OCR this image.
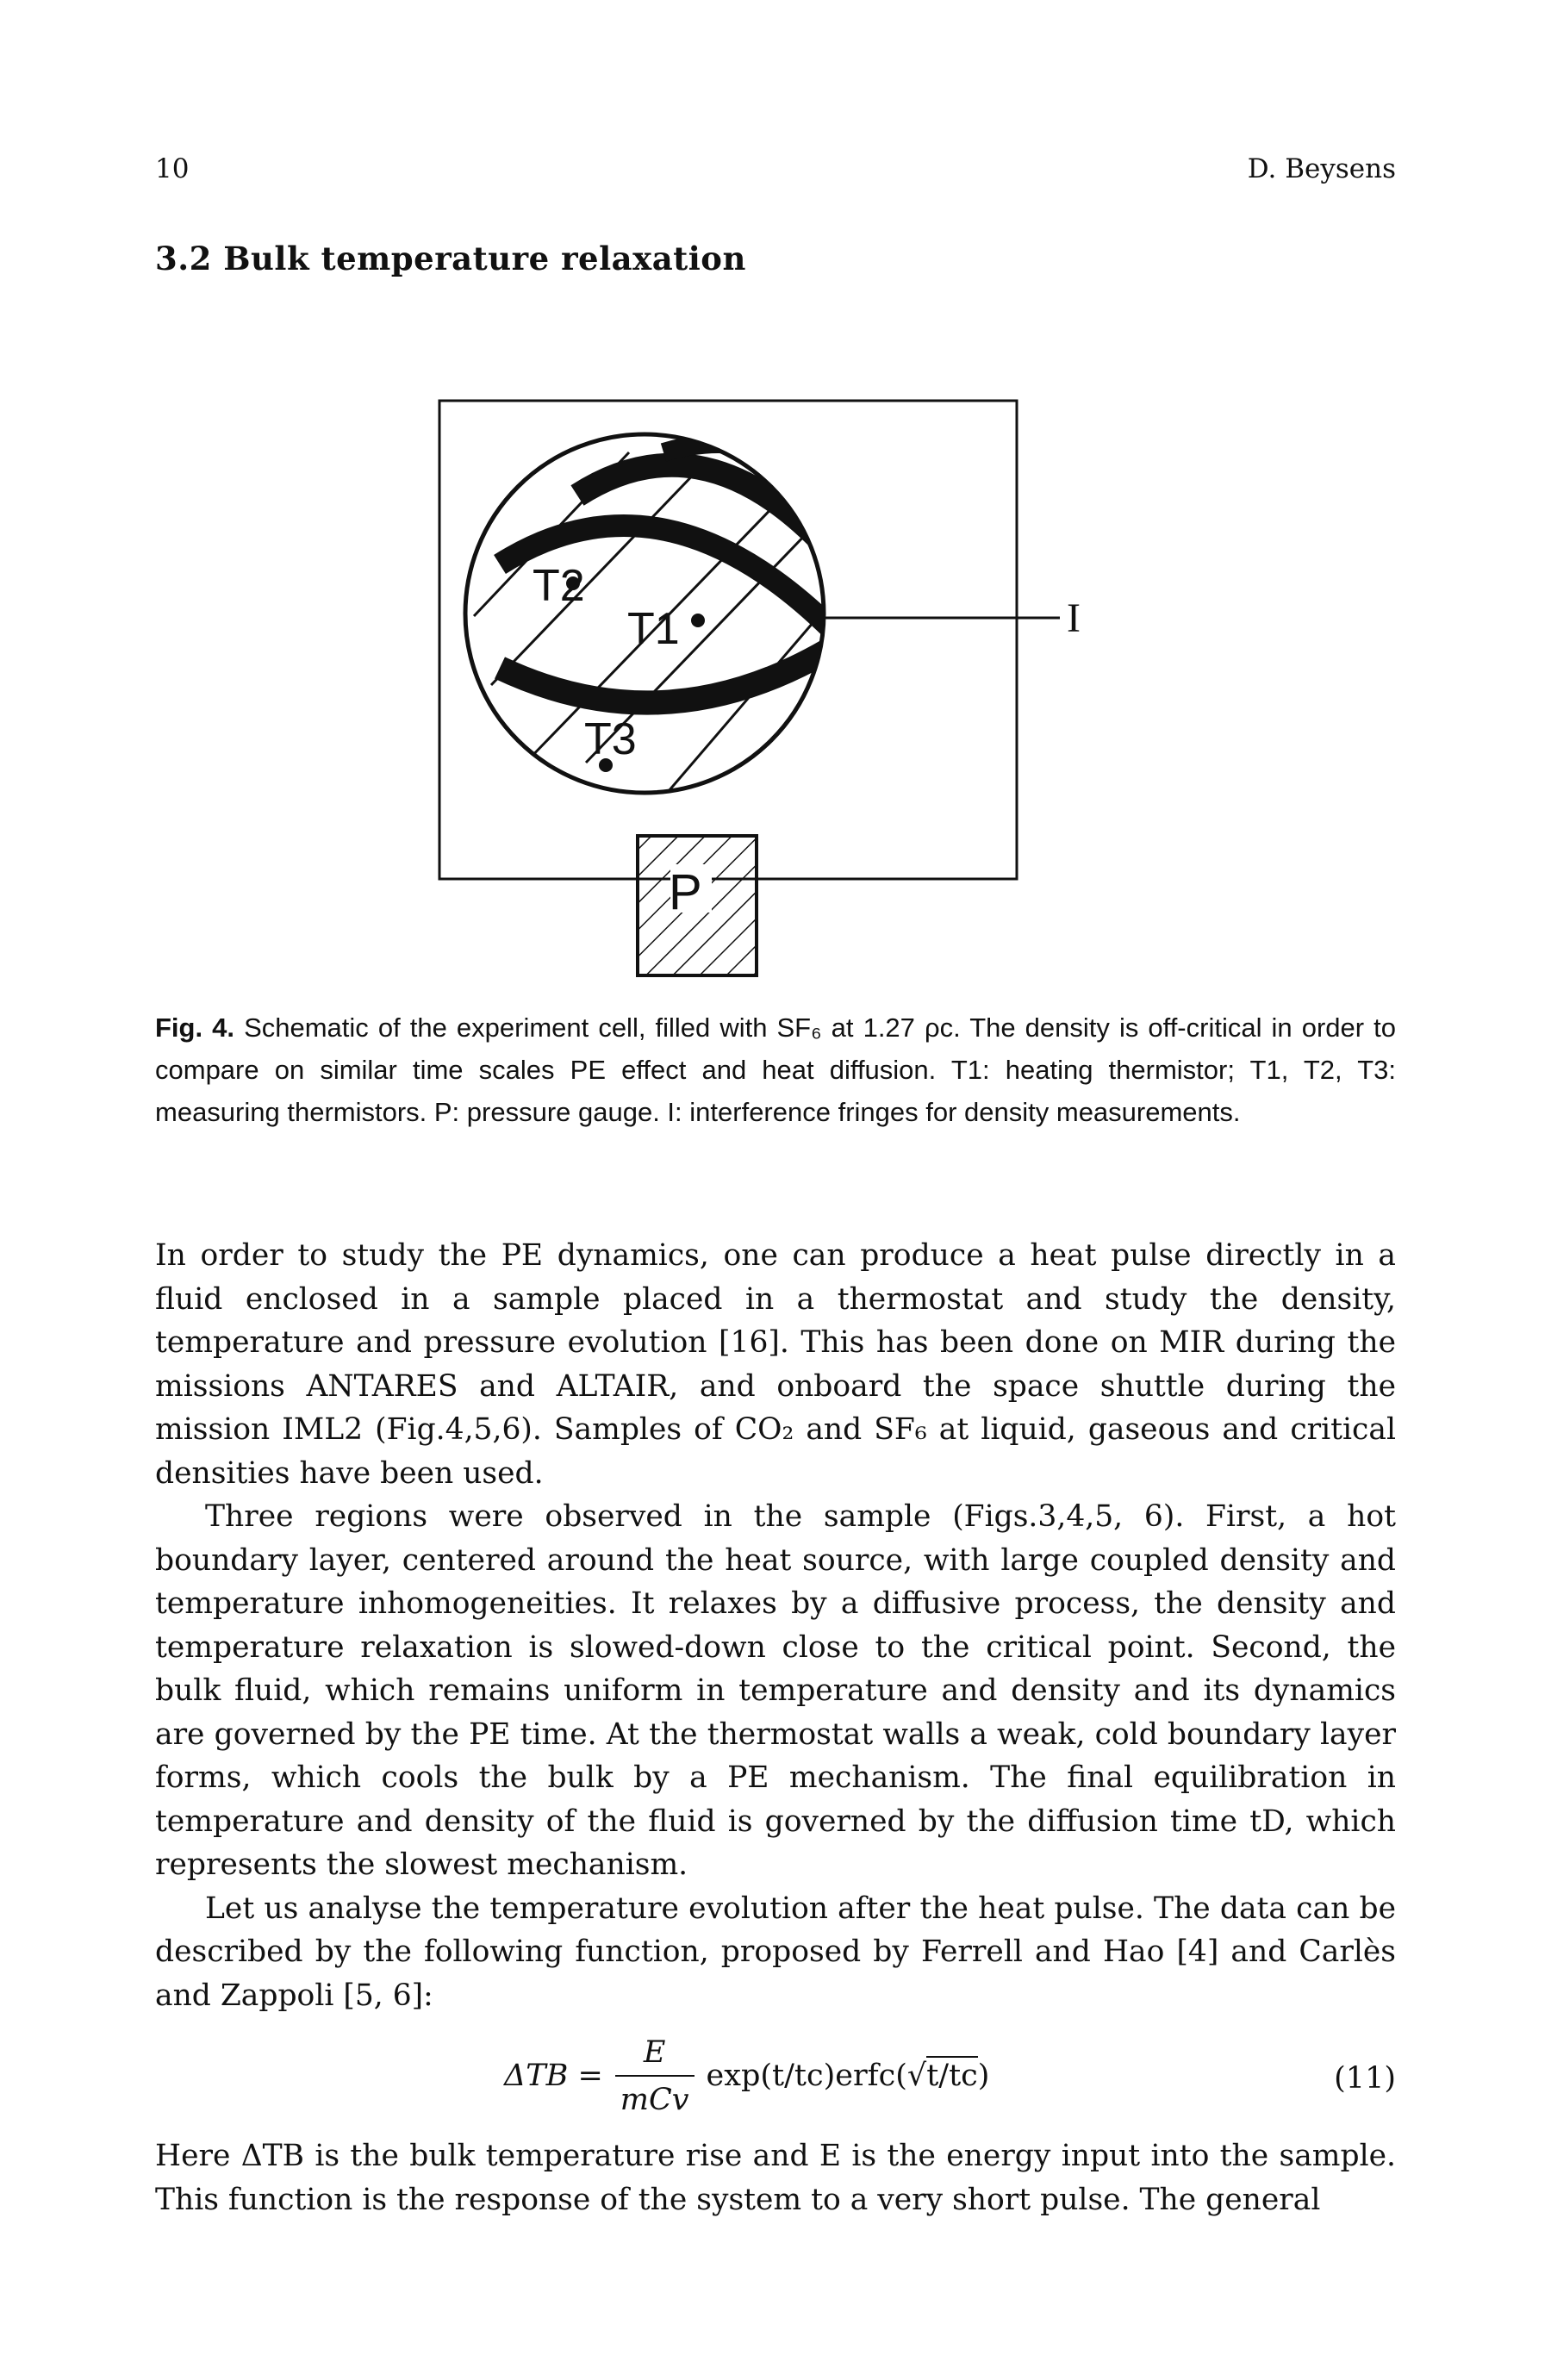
10	D. Beysens
3.2 Bulk temperature relaxation
T2
T1
T3
I
P
Fig. 4. Schematic of the experiment cell, filled with SF₆ at 1.27 ρc. The density is off-critical in order to compare on similar time scales PE effect and heat diffusion. T1: heating thermistor; T1, T2, T3: measuring thermistors. P: pressure gauge. I: interference fringes for density measurements.

In order to study the PE dynamics, one can produce a heat pulse directly in a fluid enclosed in a sample placed in a thermostat and study the density, temperature and pressure evolution [16]. This has been done on MIR during the missions ANTARES and ALTAIR, and onboard the space shuttle during the mission IML2 (Fig.4,5,6). Samples of CO₂ and SF₆ at liquid, gaseous and critical densities have been used.

Three regions were observed in the sample (Figs.3,4,5, 6). First, a hot boundary layer, centered around the heat source, with large coupled density and temperature inhomogeneities. It relaxes by a diffusive process, the density and temperature relaxation is slowed-down close to the critical point. Second, the bulk fluid, which remains uniform in temperature and density and its dynamics are governed by the PE time. At the thermostat walls a weak, cold boundary layer forms, which cools the bulk by a PE mechanism. The final equilibration in temperature and density of the fluid is governed by the diffusion time tD, which represents the slowest mechanism.

Let us analyse the temperature evolution after the heat pulse. The data can be described by the following function, proposed by Ferrell and Hao [4] and Carlès and Zappoli [5, 6]:

$\Delta TB = \frac{E}{\text{mCv}}$ exp(t/tc)erfc(√t/tc)	(11)

Here ΔTB is the bulk temperature rise and E is the energy input into the sample. This function is the response of the system to a very short pulse. The general
